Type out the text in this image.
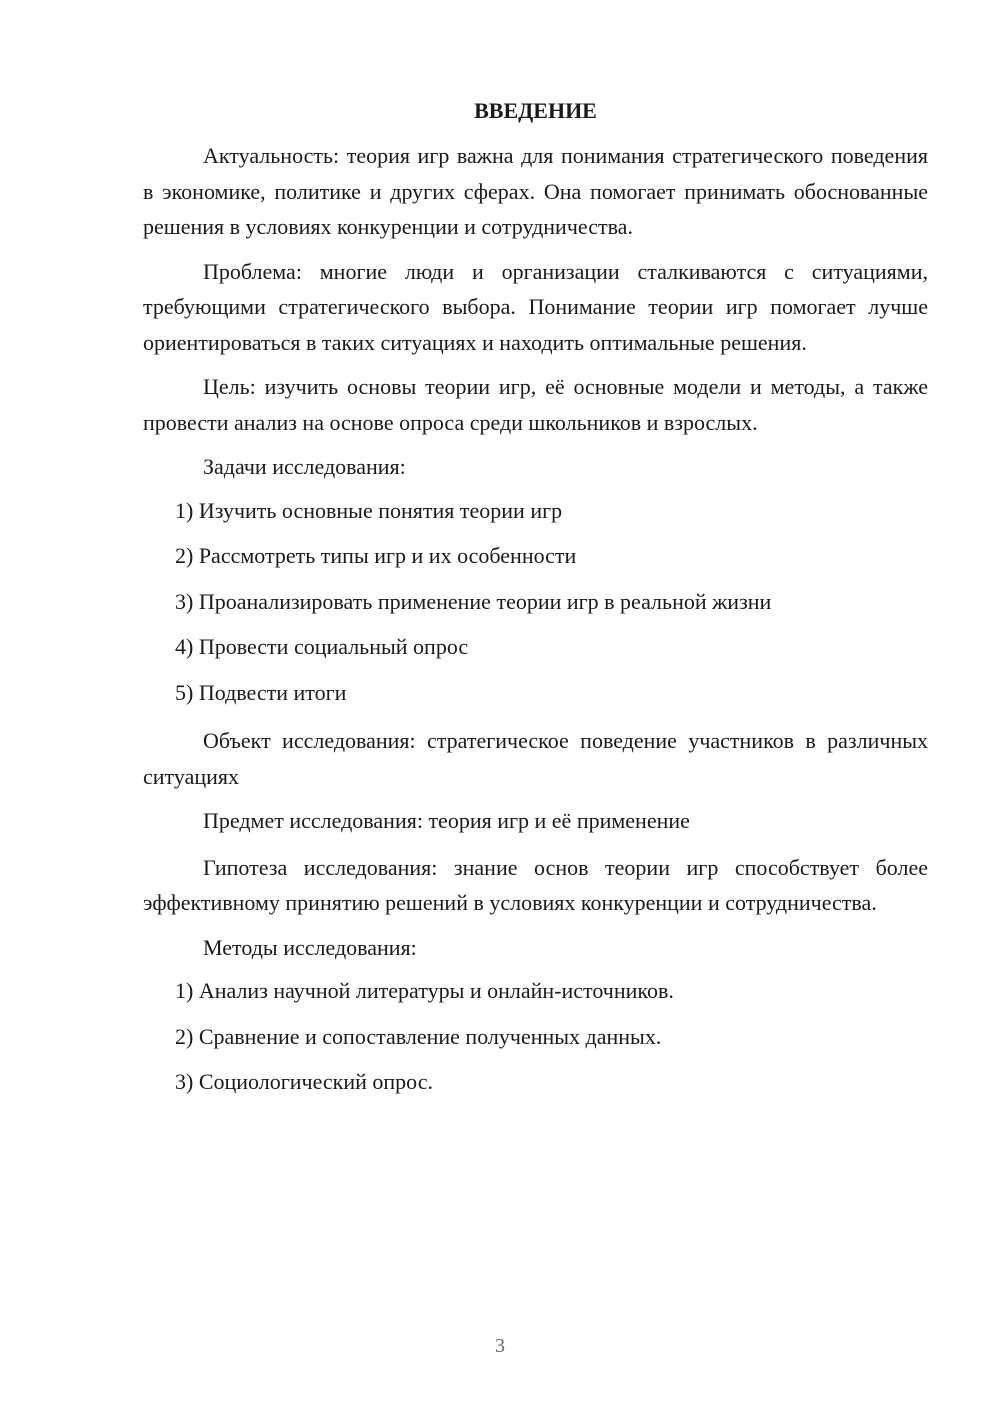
ВВЕДЕНИЕ

Актуальность: теория игр важна для понимания стратегического поведения в экономике, политике и других сферах. Она помогает принимать обоснованные решения в условиях конкуренции и сотрудничества.

Проблема: многие люди и организации сталкиваются с ситуациями, требующими стратегического выбора. Понимание теории игр помогает лучше ориентироваться в таких ситуациях и находить оптимальные решения.

Цель: изучить основы теории игр, её основные модели и методы, а также провести анализ на основе опроса среди школьников и взрослых.

Задачи исследования:

1) Изучить основные понятия теории игр
2) Рассмотреть типы игр и их особенности
3) Проанализировать применение теории игр в реальной жизни
4) Провести социальный опрос
5) Подвести итоги

Объект исследования: стратегическое поведение участников в различных ситуациях

Предмет исследования: теория игр и её применение

Гипотеза исследования: знание основ теории игр способствует более эффективному принятию решений в условиях конкуренции и сотрудничества.

Методы исследования:

1) Анализ научной литературы и онлайн-источников.
2) Сравнение и сопоставление полученных данных.
3) Социологический опрос.
3
